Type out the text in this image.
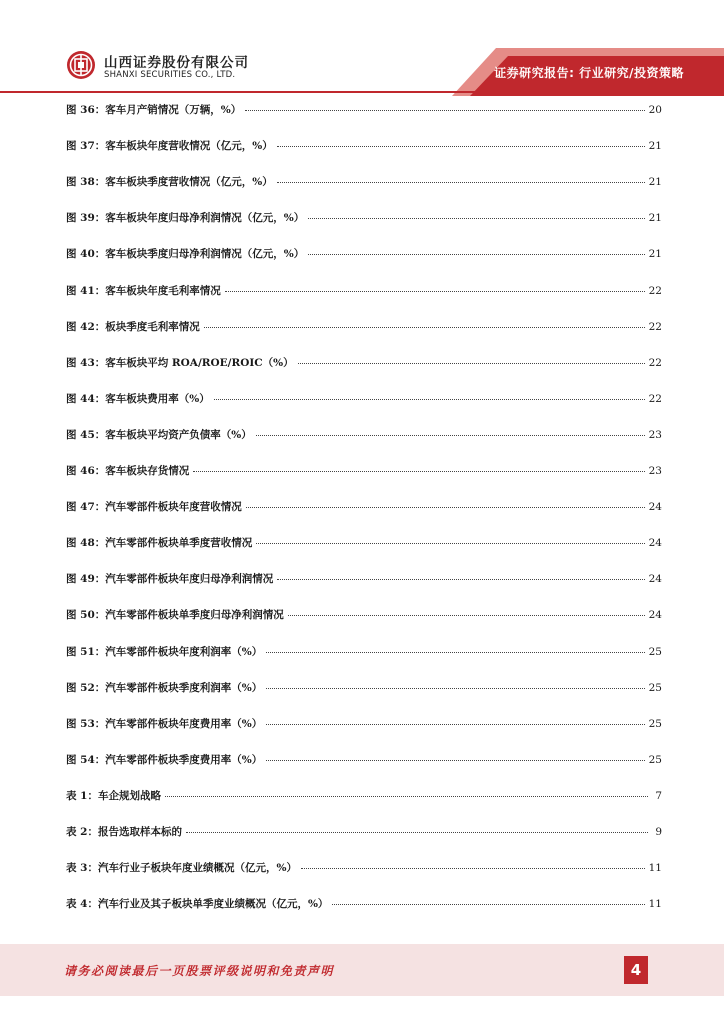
山西证券股份有限公司
SHANXI SECURITIES CO., LTD.	证券研究报告: 行业研究/投资策略
图 36：客车月产销情况（万辆，%）	20
图 37：客车板块年度营收情况（亿元，%）	21
图 38：客车板块季度营收情况（亿元，%）	21
图 39：客车板块年度归母净利润情况（亿元，%）	21
图 40：客车板块季度归母净利润情况（亿元，%）	21
图 41：客车板块年度毛利率情况	22
图 42：板块季度毛利率情况	22
图 43：客车板块平均 ROA/ROE/ROIC（%）	22
图 44：客车板块费用率（%）	22
图 45：客车板块平均资产负债率（%）	23
图 46：客车板块存货情况	23
图 47：汽车零部件板块年度营收情况	24
图 48：汽车零部件板块单季度营收情况	24
图 49：汽车零部件板块年度归母净利润情况	24
图 50：汽车零部件板块单季度归母净利润情况	24
图 51：汽车零部件板块年度利润率（%）	25
图 52：汽车零部件板块季度利润率（%）	25
图 53：汽车零部件板块年度费用率（%）	25
图 54：汽车零部件板块季度费用率（%）	25
表 1：车企规划战略	7
表 2：报告选取样本标的	9
表 3：汽车行业子板块年度业绩概况（亿元，%）	11
表 4：汽车行业及其子板块单季度业绩概况（亿元，%）	11
请务必阅读最后一页股票评级说明和免责声明	4
